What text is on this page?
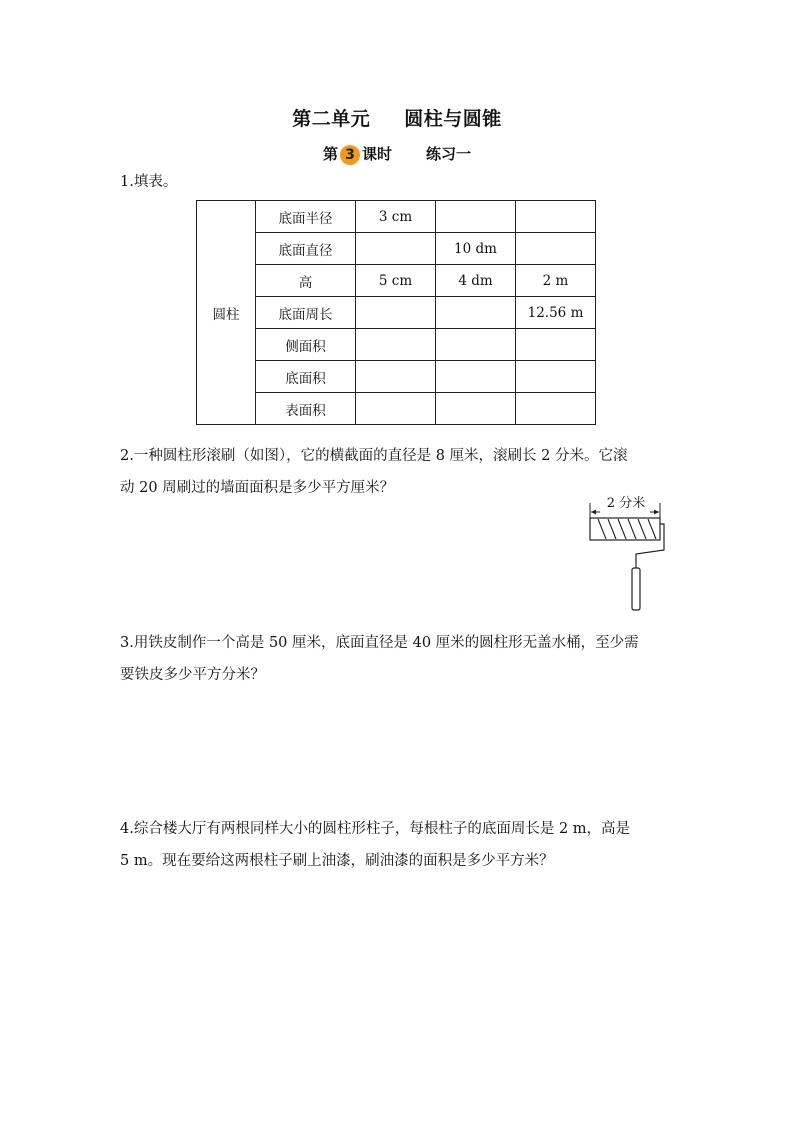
第二单元 圆柱与圆锥
第 3 课时 练习一
1.填表。
圆柱	底面半径	3 cm		
	底面直径		10 dm	
	高	5 cm	4 dm	2 m
	底面周长			12.56 m
	侧面积			
	底面积			
	表面积			
2.一种圆柱形滚刷（如图），它的横截面的直径是 8 厘米，滚刷长 2 分米。它滚
动 20 周刷过的墙面面积是多少平方厘米？
2 分米
3.用铁皮制作一个高是 50 厘米，底面直径是 40 厘米的圆柱形无盖水桶，至少需
要铁皮多少平方分米？
4.综合楼大厅有两根同样大小的圆柱形柱子，每根柱子的底面周长是 2 m，高是
5 m。现在要给这两根柱子刷上油漆，刷油漆的面积是多少平方米？
